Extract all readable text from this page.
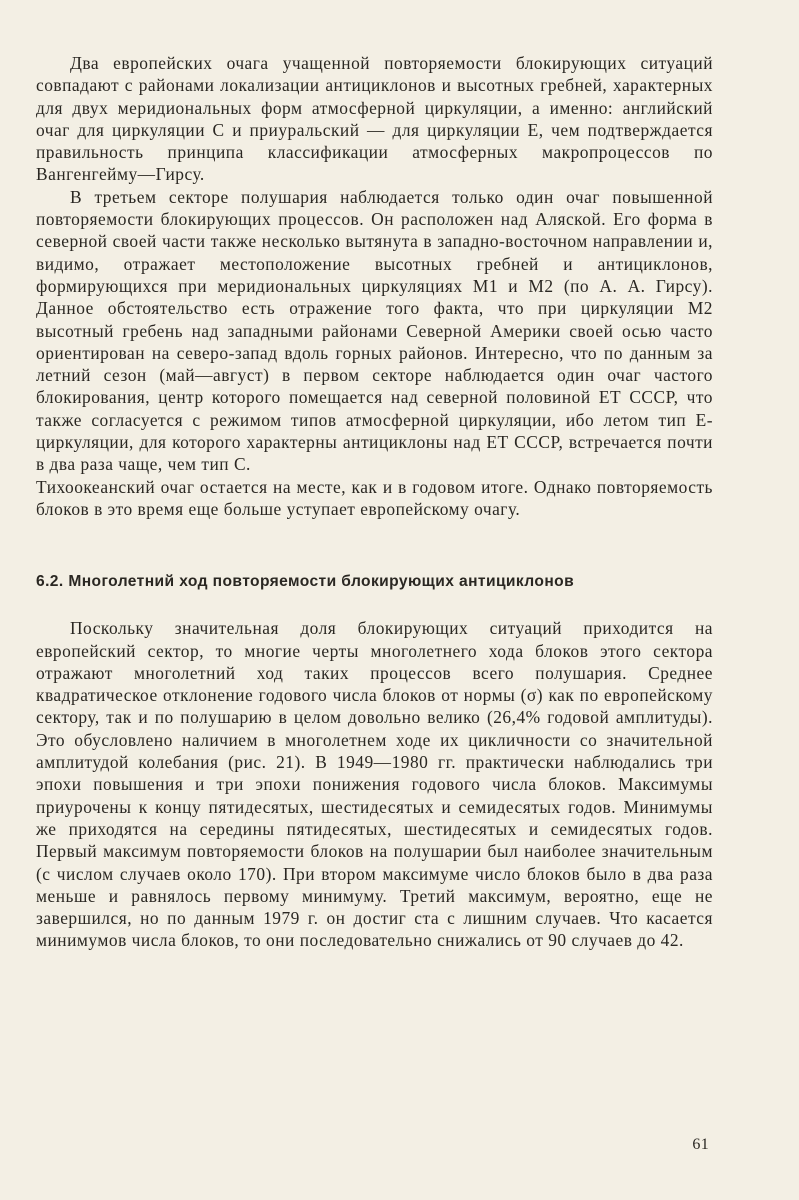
Два европейских очага учащенной повторяемости блокирующих ситуаций совпадают с районами локализации антициклонов и высотных гребней, характерных для двух меридиональных форм атмосферной циркуляции, а именно: английский очаг для циркуляции С и приуральский — для циркуляции Е, чем подтверждается правильность принципа классификации атмосферных макропроцессов по Вангенгейму—Гирсу.

В третьем секторе полушария наблюдается только один очаг повышенной повторяемости блокирующих процессов. Он расположен над Аляской. Его форма в северной своей части также несколько вытянута в западно-восточном направлении и, видимо, отражает местоположение высотных гребней и антициклонов, формирующихся при меридиональных циркуляциях М1 и М2 (по А. А. Гирсу). Данное обстоятельство есть отражение того факта, что при циркуляции М2 высотный гребень над западными районами Северной Америки своей осью часто ориентирован на северо-запад вдоль горных районов. Интересно, что по данным за летний сезон (май—август) в первом секторе наблюдается один очаг частого блокирования, центр которого помещается над северной половиной ЕТ СССР, что также согласуется с режимом типов атмосферной циркуляции, ибо летом тип Е-циркуляции, для которого характерны антициклоны над ЕТ СССР, встречается почти в два раза чаще, чем тип С.

Тихоокеанский очаг остается на месте, как и в годовом итоге. Однако повторяемость блоков в это время еще больше уступает европейскому очагу.

6.2. Многолетний ход повторяемости блокирующих антициклонов

Поскольку значительная доля блокирующих ситуаций приходится на европейский сектор, то многие черты многолетнего хода блоков этого сектора отражают многолетний ход таких процессов всего полушария. Среднее квадратическое отклонение годового числа блоков от нормы (σ) как по европейскому сектору, так и по полушарию в целом довольно велико (26,4% годовой амплитуды). Это обусловлено наличием в многолетнем ходе их цикличности со значительной амплитудой колебания (рис. 21). В 1949—1980 гг. практически наблюдались три эпохи повышения и три эпохи понижения годового числа блоков. Максимумы приурочены к концу пятидесятых, шестидесятых и семидесятых годов. Минимумы же приходятся на середины пятидесятых, шестидесятых и семидесятых годов. Первый максимум повторяемости блоков на полушарии был наиболее значительным (с числом случаев около 170). При втором максимуме число блоков было в два раза меньше и равнялось первому минимуму. Третий максимум, вероятно, еще не завершился, но по данным 1979 г. он достиг ста с лишним случаев. Что касается минимумов числа блоков, то они последовательно снижались от 90 случаев до 42.

61
